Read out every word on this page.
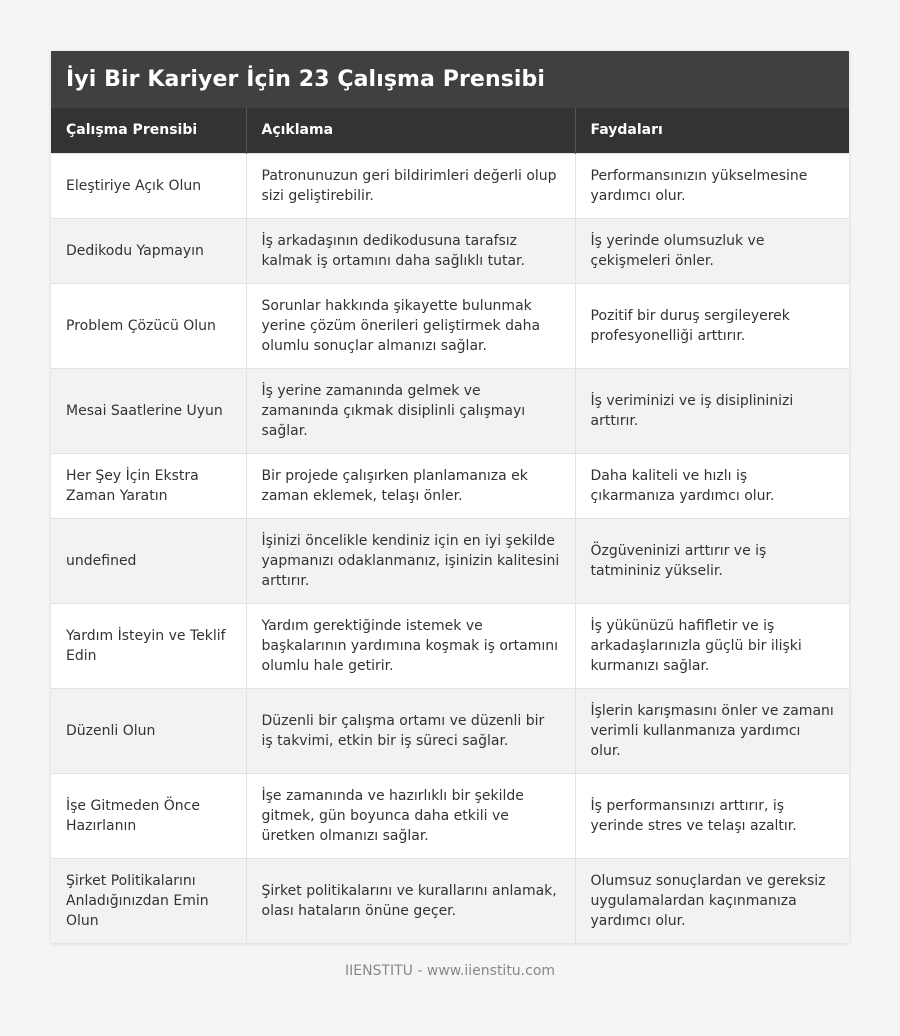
İyi Bir Kariyer İçin 23 Çalışma Prensibi
Çalışma Prensibi	Açıklama	Faydaları
Eleştiriye Açık Olun	Patronunuzun geri bildirimleri değerli olup sizi geliştirebilir.	Performansınızın yükselmesine yardımcı olur.
Dedikodu Yapmayın	İş arkadaşının dedikodusuna tarafsız kalmak iş ortamını daha sağlıklı tutar.	İş yerinde olumsuzluk ve çekişmeleri önler.
Problem Çözücü Olun	Sorunlar hakkında şikayette bulunmak yerine çözüm önerileri geliştirmek daha olumlu sonuçlar almanızı sağlar.	Pozitif bir duruş sergileyerek profesyonelliği arttırır.
Mesai Saatlerine Uyun	İş yerine zamanında gelmek ve zamanında çıkmak disiplinli çalışmayı sağlar.	İş veriminizi ve iş disiplininizi arttırır.
Her Şey İçin Ekstra Zaman Yaratın	Bir projede çalışırken planlamanıza ek zaman eklemek, telaşı önler.	Daha kaliteli ve hızlı iş çıkarmanıza yardımcı olur.
undefined	İşinizi öncelikle kendiniz için en iyi şekilde yapmanızı odaklanmanız, işinizin kalitesini arttırır.	Özgüveninizi arttırır ve iş tatmininiz yükselir.
Yardım İsteyin ve Teklif Edin	Yardım gerektiğinde istemek ve başkalarının yardımına koşmak iş ortamını olumlu hale getirir.	İş yükünüzü hafifletir ve iş arkadaşlarınızla güçlü bir ilişki kurmanızı sağlar.
Düzenli Olun	Düzenli bir çalışma ortamı ve düzenli bir iş takvimi, etkin bir iş süreci sağlar.	İşlerin karışmasını önler ve zamanı verimli kullanmanıza yardımcı olur.
İşe Gitmeden Önce Hazırlanın	İşe zamanında ve hazırlıklı bir şekilde gitmek, gün boyunca daha etkili ve üretken olmanızı sağlar.	İş performansınızı arttırır, iş yerinde stres ve telaşı azaltır.
Şirket Politikalarını Anladığınızdan Emin Olun	Şirket politikalarını ve kurallarını anlamak, olası hataların önüne geçer.	Olumsuz sonuçlardan ve gereksiz uygulamalardan kaçınmanıza yardımcı olur.
IIENSTITU - www.iienstitu.com
